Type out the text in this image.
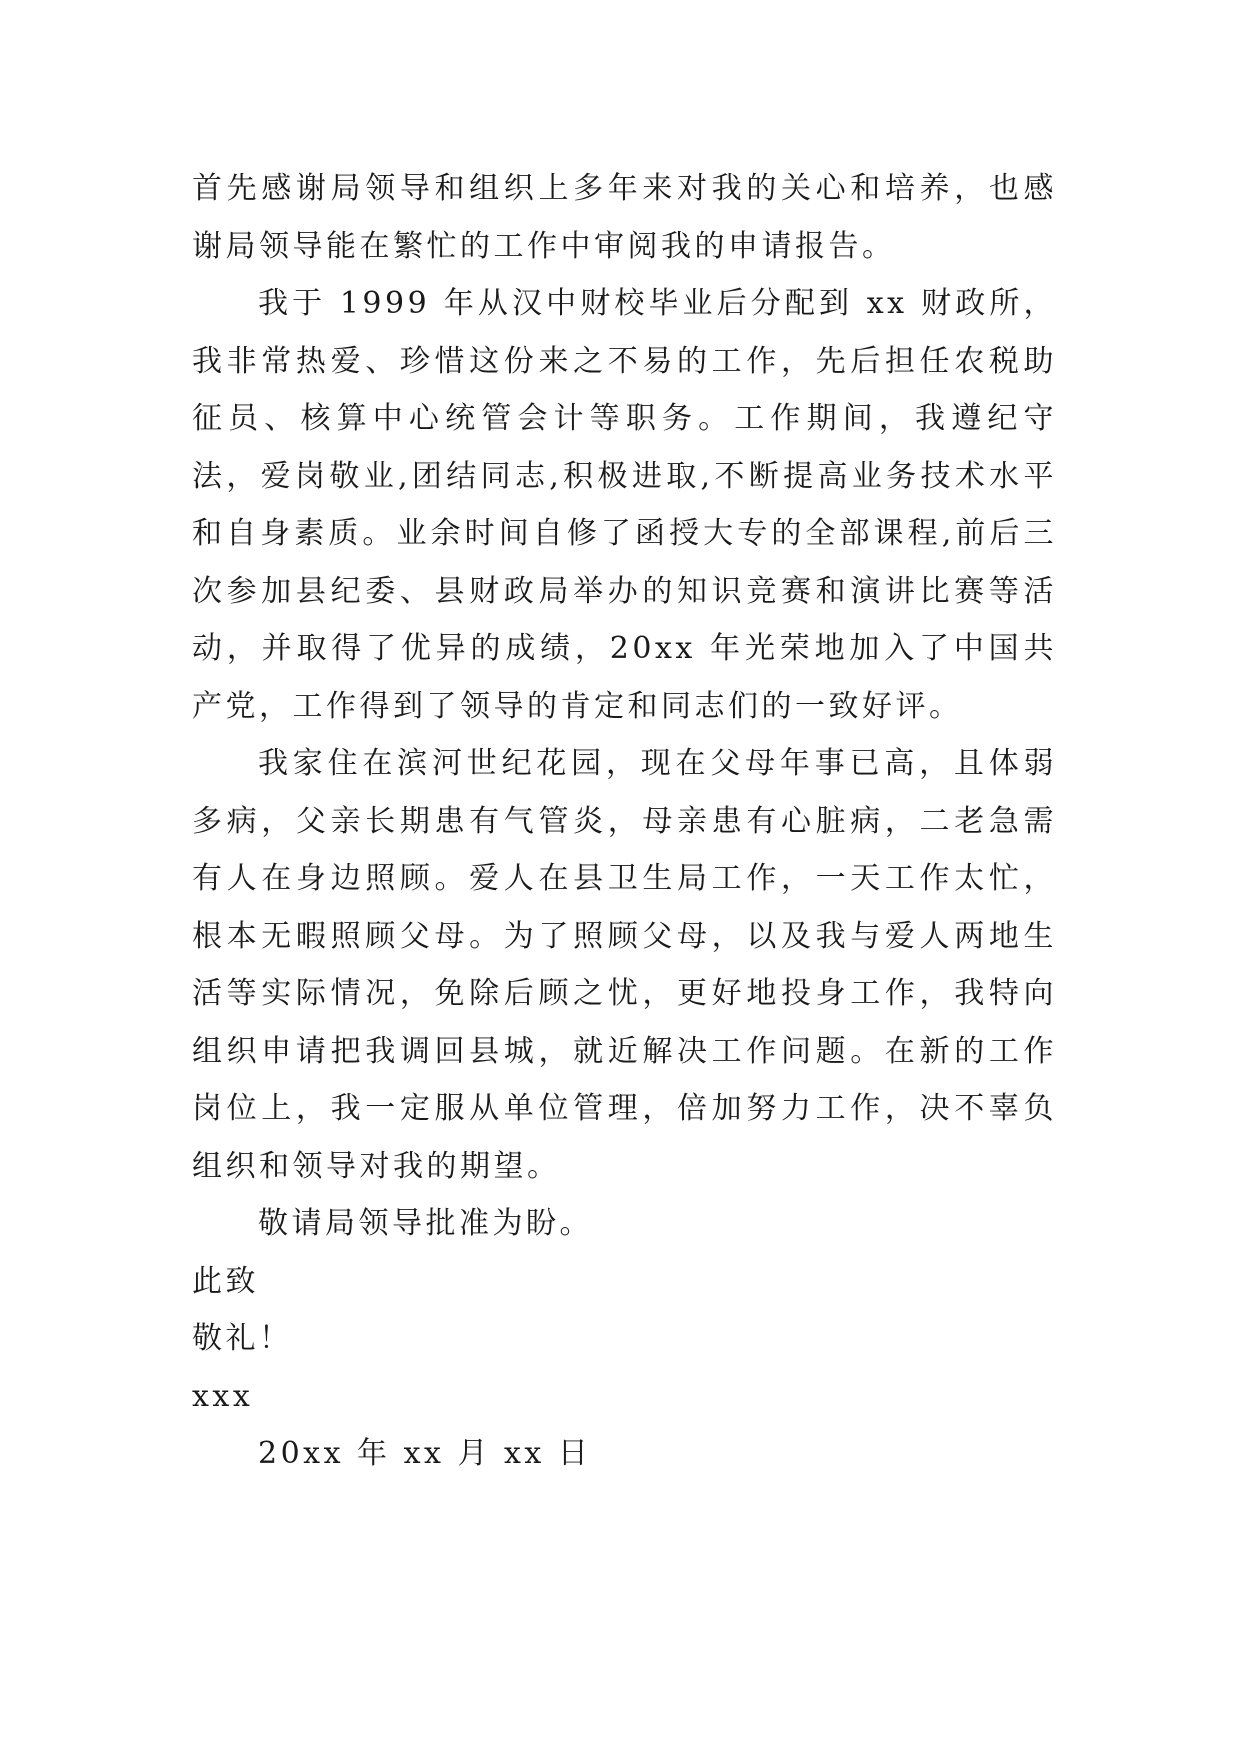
首先感谢局领导和组织上多年来对我的关心和培养，也感谢局领导能在繁忙的工作中审阅我的申请报告。

我于 1999 年从汉中财校毕业后分配到 xx 财政所，我非常热爱、珍惜这份来之不易的工作，先后担任农税助征员、核算中心统管会计等职务。工作期间，我遵纪守法，爱岗敬业,团结同志,积极进取,不断提高业务技术水平和自身素质。业余时间自修了函授大专的全部课程,前后三次参加县纪委、县财政局举办的知识竞赛和演讲比赛等活动，并取得了优异的成绩，20xx 年光荣地加入了中国共产党，工作得到了领导的肯定和同志们的一致好评。

我家住在滨河世纪花园，现在父母年事已高，且体弱多病，父亲长期患有气管炎，母亲患有心脏病，二老急需有人在身边照顾。爱人在县卫生局工作，一天工作太忙，根本无暇照顾父母。为了照顾父母，以及我与爱人两地生活等实际情况，免除后顾之忧，更好地投身工作，我特向组织申请把我调回县城，就近解决工作问题。在新的工作岗位上，我一定服从单位管理，倍加努力工作，决不辜负组织和领导对我的期望。

敬请局领导批准为盼。

此致

敬礼！

xxx

20xx 年 xx 月 xx 日
